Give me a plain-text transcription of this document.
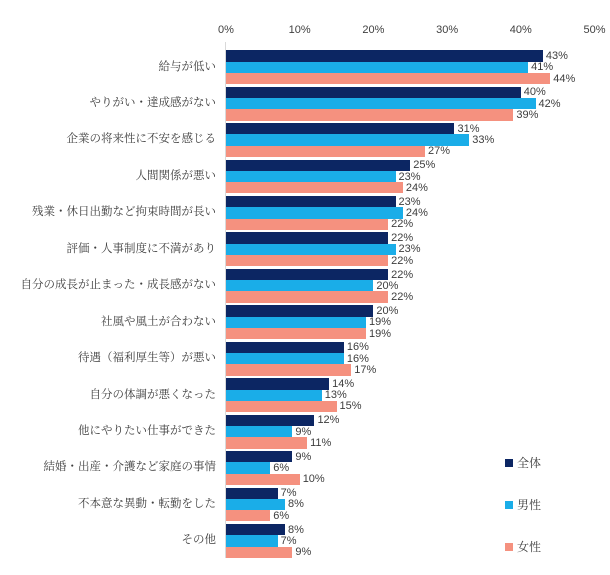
0%	10%	20%	30%	40%	50%
給与が低い
43%
41%
44%
やりがい・達成感がない
40%
42%
39%
企業の将来性に不安を感じる
31%
33%
27%
人間関係が悪い
25%
23%
24%
残業・休日出勤など拘束時間が長い
23%
24%
22%
評価・人事制度に不満があり
22%
23%
22%
自分の成長が止まった・成長感がない
22%
20%
22%
社風や風土が合わない
20%
19%
19%
待遇（福利厚生等）が悪い
16%
16%
17%
自分の体調が悪くなった
14%
13%
15%
他にやりたい仕事ができた
12%
9%
11%
結婚・出産・介護など家庭の事情
9%
6%
10%
不本意な異動・転勤をした
7%
8%
6%
その他
8%
7%
9%
全体
男性
女性
